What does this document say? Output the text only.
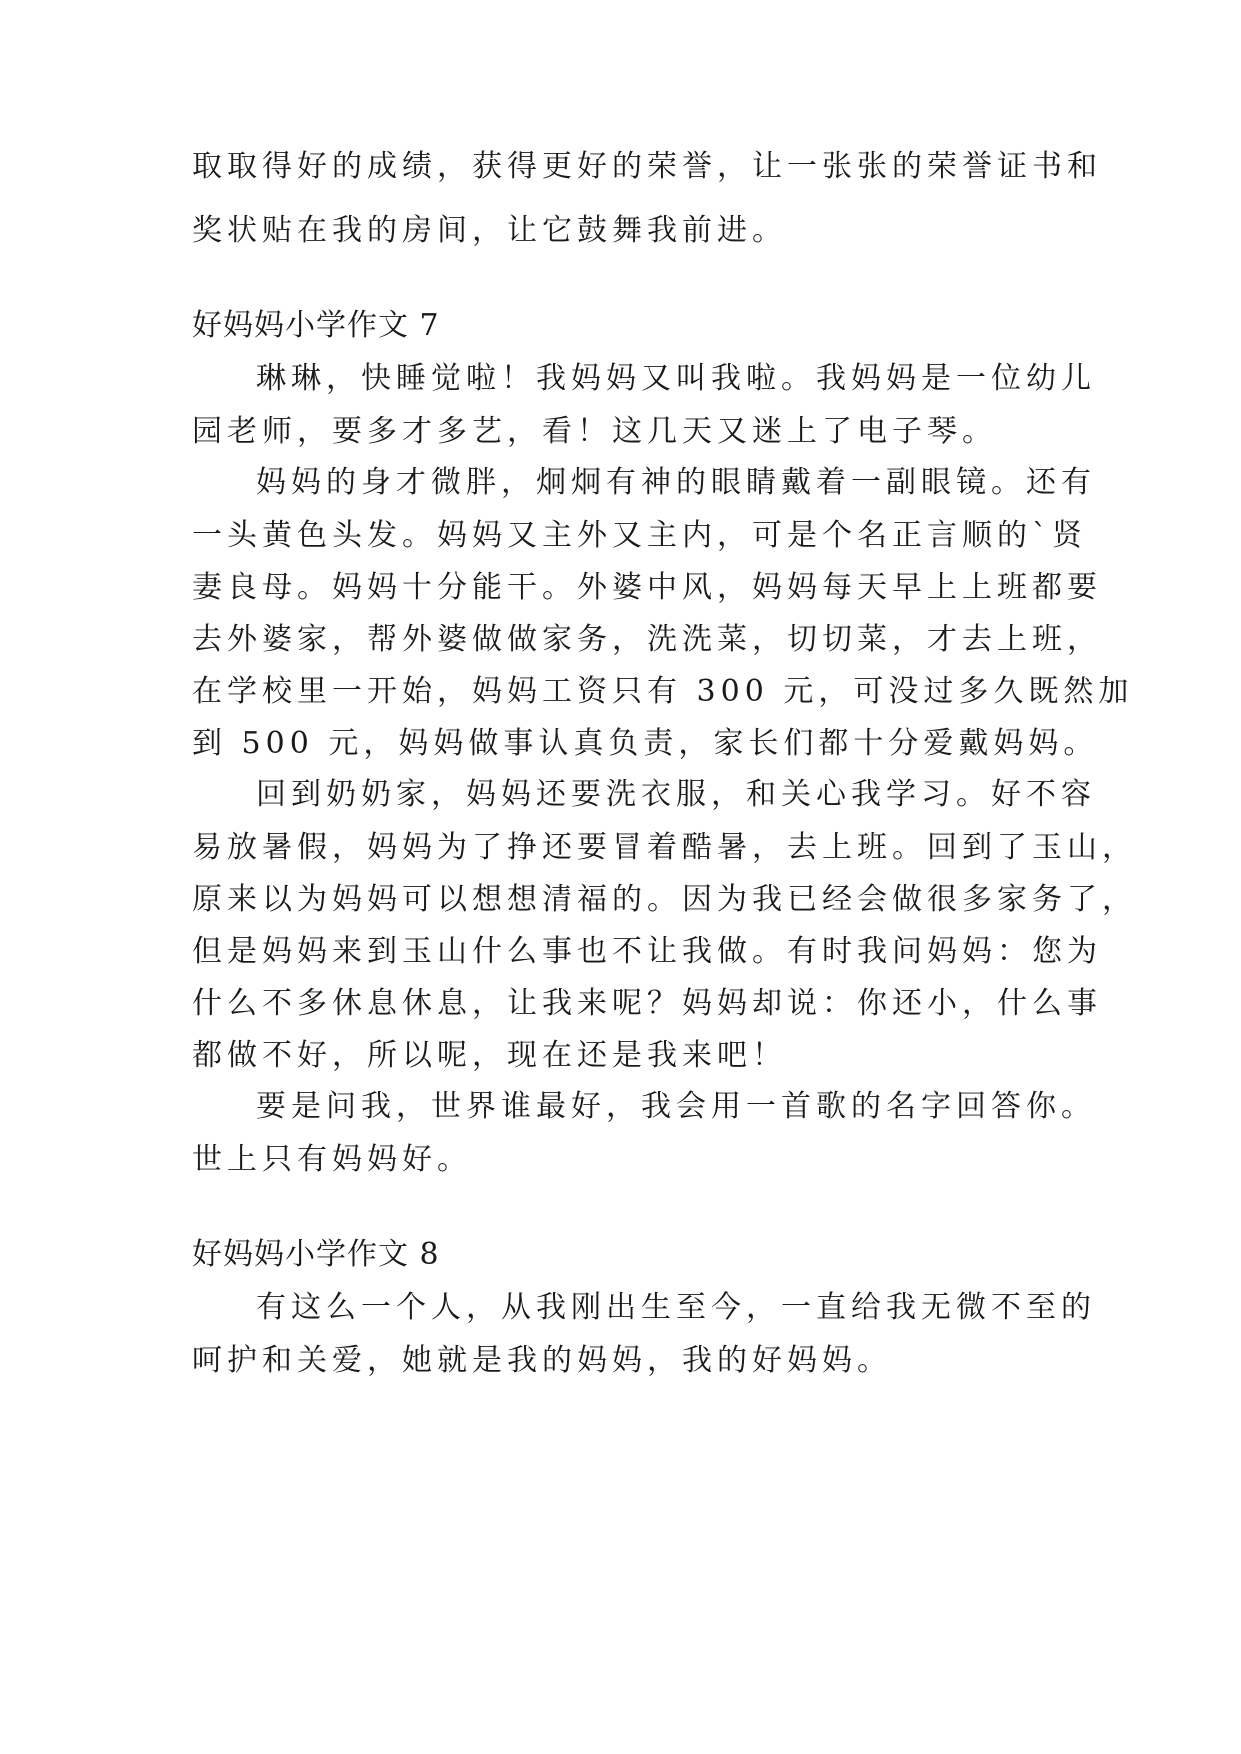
取取得好的成绩，获得更好的荣誉，让一张张的荣誉证书和
奖状贴在我的房间，让它鼓舞我前进。
好妈妈小学作文 7
琳琳，快睡觉啦！我妈妈又叫我啦。我妈妈是一位幼儿
园老师，要多才多艺，看！这几天又迷上了电子琴。
妈妈的身才微胖，炯炯有神的眼睛戴着一副眼镜。还有
一头黄色头发。妈妈又主外又主内，可是个名正言顺的`贤
妻良母。妈妈十分能干。外婆中风，妈妈每天早上上班都要
去外婆家，帮外婆做做家务，洗洗菜，切切菜，才去上班，
在学校里一开始，妈妈工资只有 300 元，可没过多久既然加
到 500 元，妈妈做事认真负责，家长们都十分爱戴妈妈。
回到奶奶家，妈妈还要洗衣服，和关心我学习。好不容
易放暑假，妈妈为了挣还要冒着酷暑，去上班。回到了玉山，
原来以为妈妈可以想想清福的。因为我已经会做很多家务了，
但是妈妈来到玉山什么事也不让我做。有时我问妈妈：您为
什么不多休息休息，让我来呢？妈妈却说：你还小，什么事
都做不好，所以呢，现在还是我来吧！
要是问我，世界谁最好，我会用一首歌的名字回答你。
世上只有妈妈好。
好妈妈小学作文 8
有这么一个人，从我刚出生至今，一直给我无微不至的
呵护和关爱，她就是我的妈妈，我的好妈妈。
